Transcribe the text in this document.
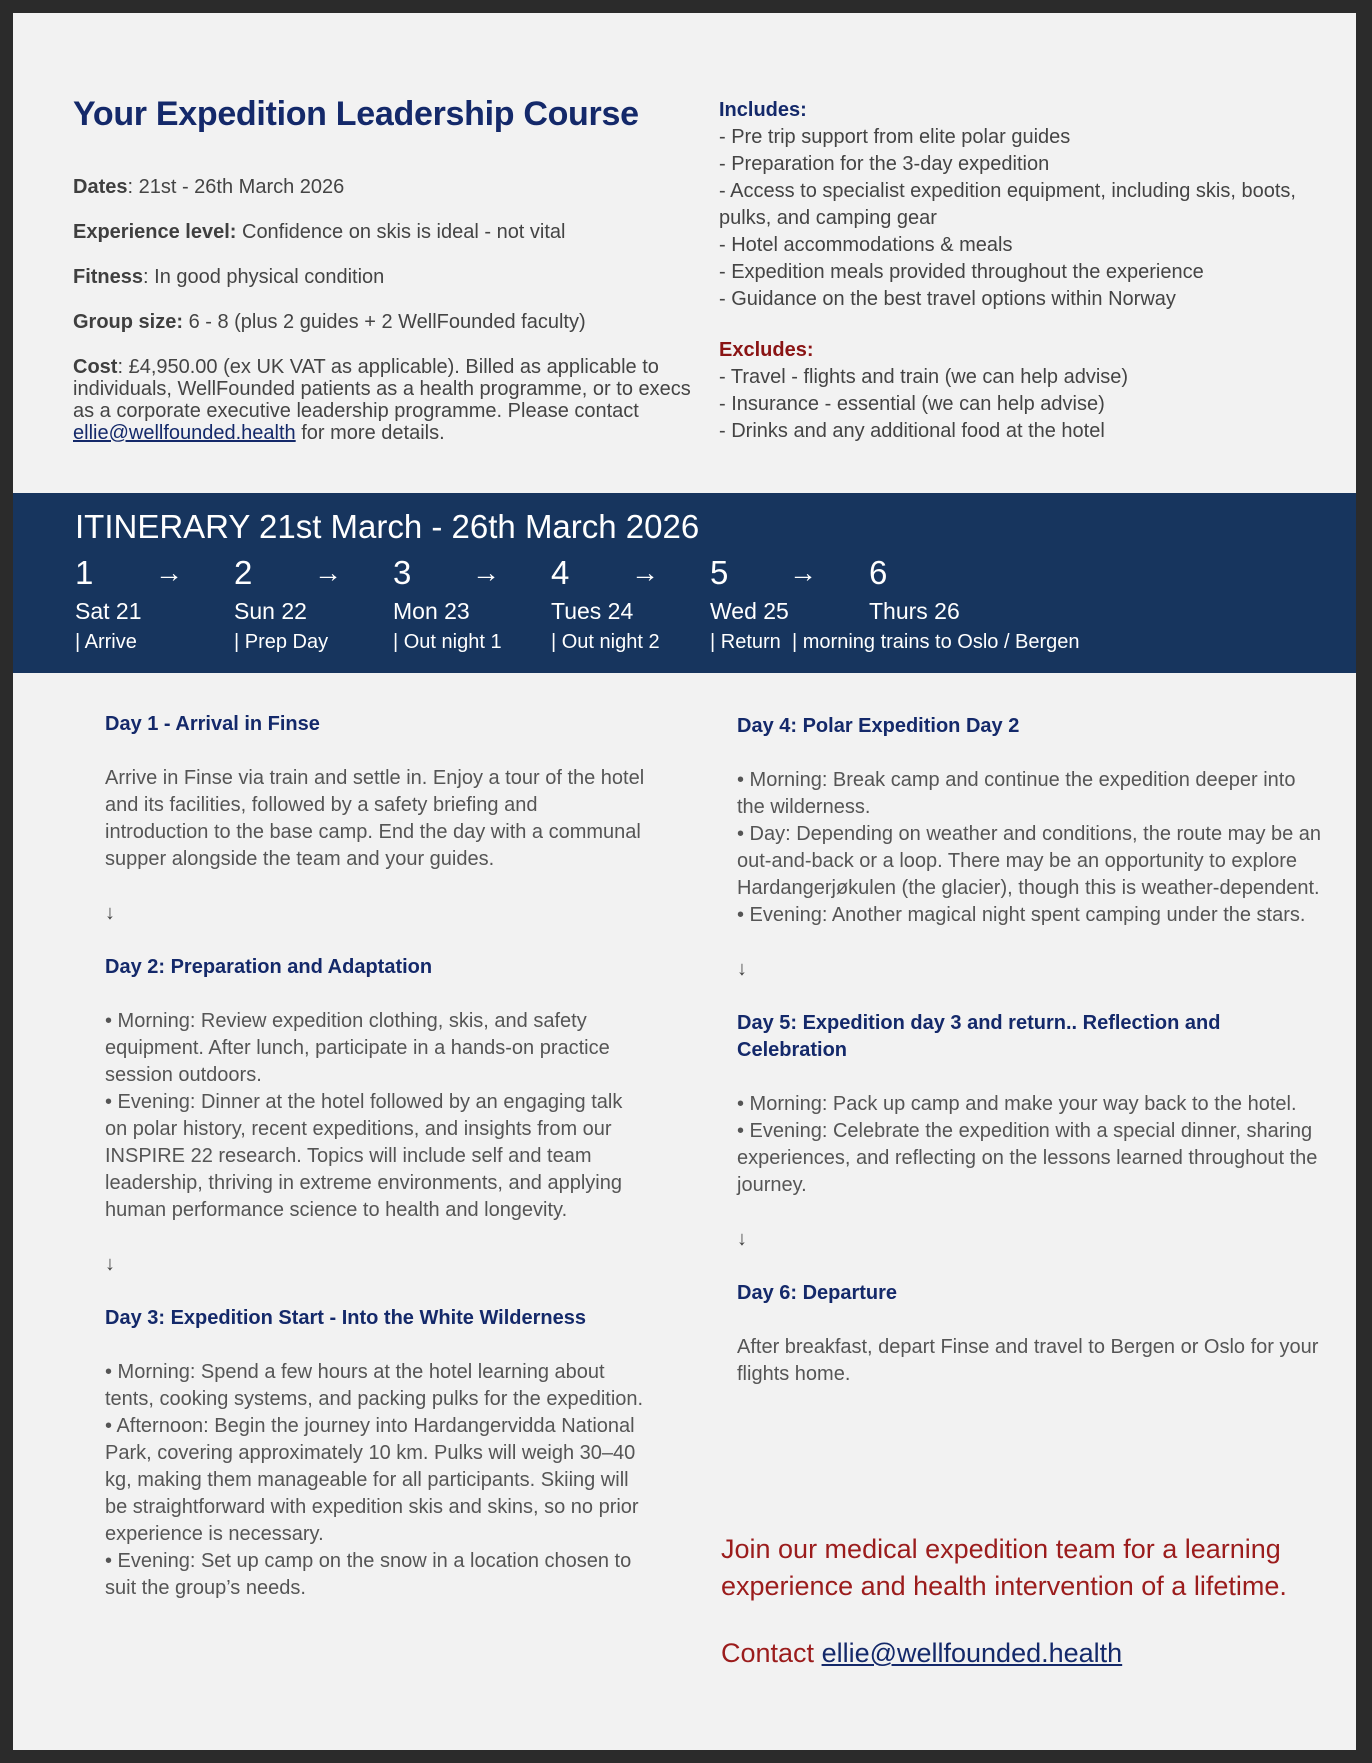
Your Expedition Leadership Course

Dates: 21st - 26th March 2026

Experience level: Confidence on skis is ideal - not vital

Fitness: In good physical condition

Group size: 6 - 8 (plus 2 guides + 2 WellFounded faculty)

Cost: £4,950.00 (ex UK VAT as applicable). Billed as applicable to individuals, WellFounded patients as a health programme, or to execs as a corporate executive leadership programme. Please contact ellie@wellfounded.health for more details.

Includes:
- Pre trip support from elite polar guides
- Preparation for the 3-day expedition
- Access to specialist expedition equipment, including skis, boots, pulks, and camping gear
- Hotel accommodations & meals
- Expedition meals provided throughout the experience
- Guidance on the best travel options within Norway
Excludes:
- Travel - flights and train (we can help advise)
- Insurance - essential (we can help advise)
- Drinks and any additional food at the hotel
ITINERARY 21st March - 26th March 2026
1
Sat 21
| Arrive
→ 2
Sun 22
| Prep Day
→ 3
Mon 23
| Out night 1
→ 4
Tues 24
| Out night 2
→ 5
Wed 25
| Return
→ 6
Thurs 26
| morning trains to Oslo / Bergen
Day 1 - Arrival in Finse
Arrive in Finse via train and settle in. Enjoy a tour of the hotel and its facilities, followed by a safety briefing and introduction to the base camp. End the day with a communal supper alongside the team and your guides.
↓
Day 2: Preparation and Adaptation
• Morning: Review expedition clothing, skis, and safety equipment. After lunch, participate in a hands-on practice session outdoors.
• Evening: Dinner at the hotel followed by an engaging talk on polar history, recent expeditions, and insights from our INSPIRE 22 research. Topics will include self and team leadership, thriving in extreme environments, and applying human performance science to health and longevity.
↓
Day 3: Expedition Start - Into the White Wilderness
• Morning: Spend a few hours at the hotel learning about tents, cooking systems, and packing pulks for the expedition.
• Afternoon: Begin the journey into Hardangervidda National Park, covering approximately 10 km. Pulks will weigh 30–40 kg, making them manageable for all participants. Skiing will be straightforward with expedition skis and skins, so no prior experience is necessary.
• Evening: Set up camp on the snow in a location chosen to suit the group’s needs.
Day 4: Polar Expedition Day 2
• Morning: Break camp and continue the expedition deeper into the wilderness.
• Day: Depending on weather and conditions, the route may be an out-and-back or a loop. There may be an opportunity to explore Hardangerjøkulen (the glacier), though this is weather-dependent.
• Evening: Another magical night spent camping under the stars.
↓
Day 5: Expedition day 3 and return.. Reflection and Celebration
• Morning: Pack up camp and make your way back to the hotel.
• Evening: Celebrate the expedition with a special dinner, sharing experiences, and reflecting on the lessons learned throughout the journey.
↓
Day 6: Departure
After breakfast, depart Finse and travel to Bergen or Oslo for your flights home.
Join our medical expedition team for a learning experience and health intervention of a lifetime.
Contact ellie@wellfounded.health
